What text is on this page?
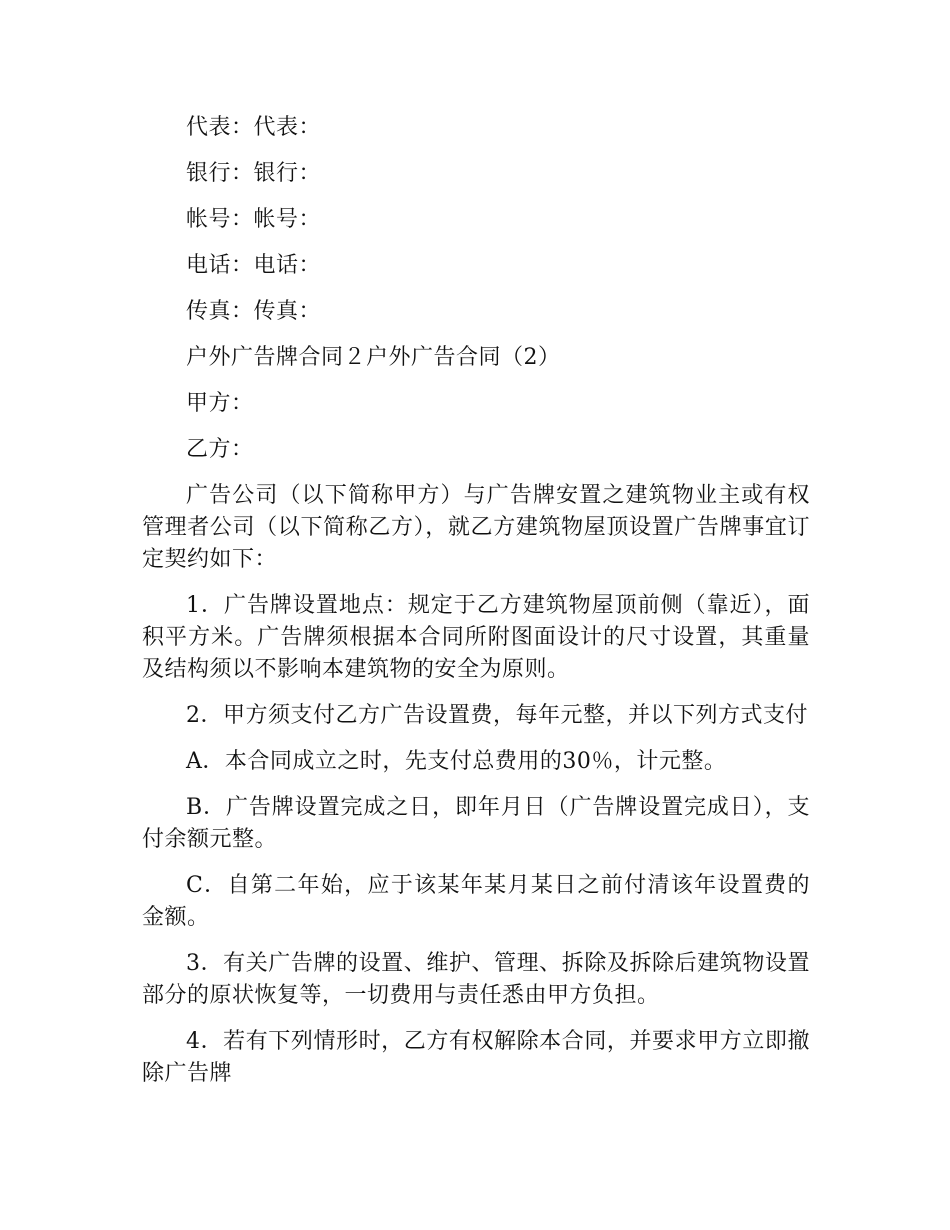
代表：代表：

银行：银行：

帐号：帐号：

电话：电话：

传真：传真：

户外广告牌合同２户外广告合同（2）

甲方：

乙方：

广告公司（以下简称甲方）与广告牌安置之建筑物业主或有权管理者公司（以下简称乙方），就乙方建筑物屋顶设置广告牌事宜订定契约如下：

1．广告牌设置地点：规定于乙方建筑物屋顶前侧（靠近），面积平方米。广告牌须根据本合同所附图面设计的尺寸设置，其重量及结构须以不影响本建筑物的安全为原则。

2．甲方须支付乙方广告设置费，每年元整，并以下列方式支付

A．本合同成立之时，先支付总费用的30％，计元整。

B．广告牌设置完成之日，即年月日（广告牌设置完成日），支付余额元整。

C．自第二年始，应于该某年某月某日之前付清该年设置费的金额。

3．有关广告牌的设置、维护、管理、拆除及拆除后建筑物设置部分的原状恢复等，一切费用与责任悉由甲方负担。

4．若有下列情形时，乙方有权解除本合同，并要求甲方立即撤除广告牌
